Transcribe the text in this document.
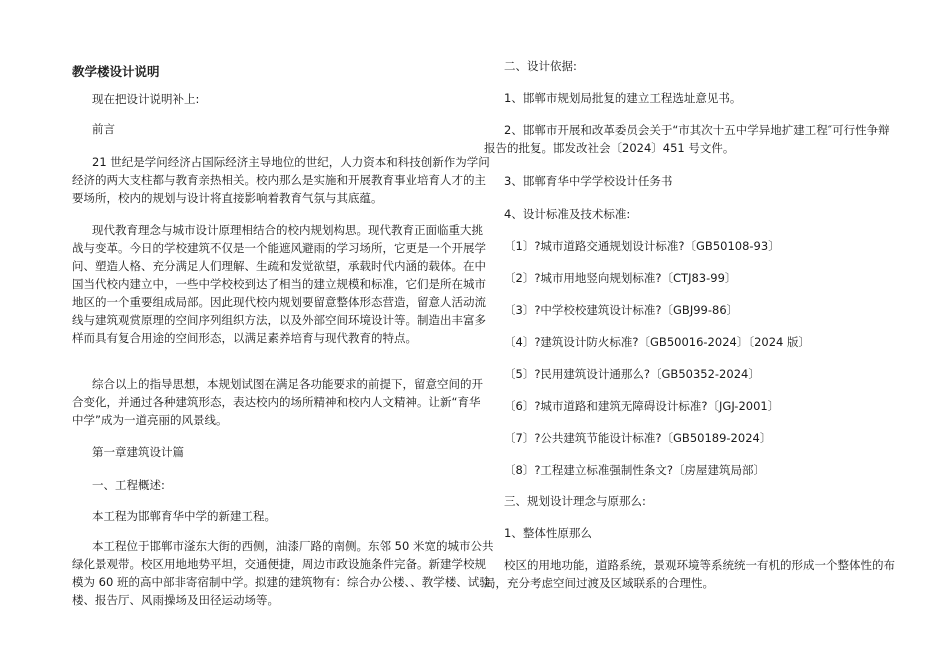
教学楼设计说明
现在把设计说明补上:
前言
21 世纪是学问经济占国际经济主导地位的世纪，人力资本和科技创新作为学问
经济的两大支柱都与教育亲热相关。校内那么是实施和开展教育事业培育人才的主
要场所，校内的规划与设计将直接影响着教育气氛与其底蕴。
现代教育理念与城市设计原理相结合的校内规划构思。现代教育正面临重大挑
战与变革。今日的学校建筑不仅是一个能遮风避雨的学习场所，它更是一个开展学
问、塑造人格、充分满足人们理解、生疏和发觉欲望，承载时代内涵的载体。在中
国当代校内建立中，一些中学校校到达了相当的建立规模和标准，它们是所在城市
地区的一个重要组成局部。因此现代校内规划要留意整体形态营造，留意人活动流
线与建筑观赏原理的空间序列组织方法，以及外部空间环境设计等。制造出丰富多
样而具有复合用途的空间形态，以满足素养培育与现代教育的特点。
综合以上的指导思想，本规划试图在满足各功能要求的前提下，留意空间的开
合变化，并通过各种建筑形态，表达校内的场所精神和校内人文精神。让新“育华
中学”成为一道亮丽的风景线。
第一章建筑设计篇
一、工程概述:
本工程为邯郸育华中学的新建工程。
本工程位于邯郸市滏东大街的西侧，油漆厂路的南侧。东邻 50 米宽的城市公共
绿化景观带。校区用地地势平坦，交通便捷，周边市政设施条件完备。新建学校规
模为 60 班的高中部非寄宿制中学。拟建的建筑物有：综合办公楼、、教学楼、试验
楼、报告厅、风雨操场及田径运动场等。
二、设计依据:
1、邯郸市规划局批复的建立工程选址意见书。
2、邯郸市开展和改革委员会关于“市其次十五中学异地扩建工程″可行性争辩
报告的批复。邯发改社会〔2024〕451 号文件。
3、邯郸育华中学学校设计任务书
4、设计标准及技术标准:
〔1〕?城市道路交通规划设计标准?〔GB50108-93〕
〔2〕?城市用地竖向规划标准?〔CTJ83-99〕
〔3〕?中学校校建筑设计标准?〔GBJ99-86〕
〔4〕?建筑设计防火标准?〔GB50016-2024〕〔2024 版〕
〔5〕?民用建筑设计通那么?〔GB50352-2024〕
〔6〕?城市道路和建筑无障碍设计标准?〔JGJ-2001〕
〔7〕?公共建筑节能设计标准?〔GB50189-2024〕
〔8〕?工程建立标准强制性条文?〔房屋建筑局部〕
三、规划设计理念与原那么:
1、整体性原那么
校区的用地功能，道路系统，景观环境等系统统一有机的形成一个整体性的布
局，充分考虑空间过渡及区域联系的合理性。
